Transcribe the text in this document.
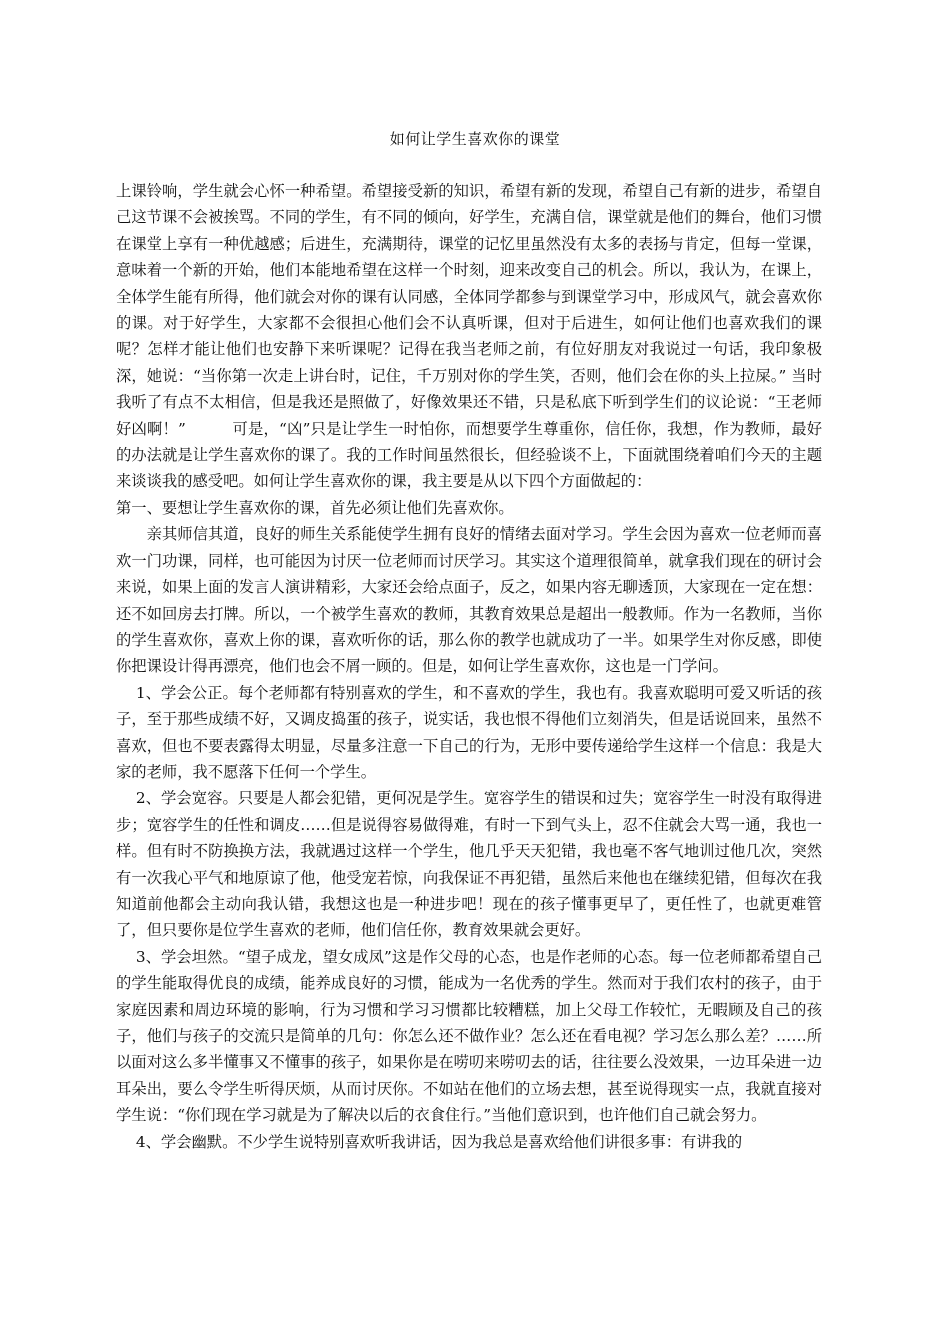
如何让学生喜欢你的课堂

上课铃响，学生就会心怀一种希望。希望接受新的知识，希望有新的发现，希望自己有新的进步，希望自己这节课不会被挨骂。不同的学生，有不同的倾向，好学生，充满自信，课堂就是他们的舞台，他们习惯在课堂上享有一种优越感；后进生，充满期待，课堂的记忆里虽然没有太多的表扬与肯定，但每一堂课，意味着一个新的开始，他们本能地希望在这样一个时刻，迎来改变自己的机会。所以，我认为，在课上，全体学生能有所得，他们就会对你的课有认同感，全体同学都参与到课堂学习中，形成风气，就会喜欢你的课。对于好学生，大家都不会很担心他们会不认真听课，但对于后进生，如何让他们也喜欢我们的课呢？怎样才能让他们也安静下来听课呢？记得在我当老师之前，有位好朋友对我说过一句话，我印象极深，她说：“当你第一次走上讲台时，记住，千万别对你的学生笑，否则，他们会在你的头上拉屎。” 当时我听了有点不太相信，但是我还是照做了，好像效果还不错，只是私底下听到学生们的议论说：“王老师好凶啊！”　　　可是，“凶”只是让学生一时怕你，而想要学生尊重你，信任你，我想，作为教师，最好的办法就是让学生喜欢你的课了。我的工作时间虽然很长，但经验谈不上，下面就围绕着咱们今天的主题来谈谈我的感受吧。如何让学生喜欢你的课，我主要是从以下四个方面做起的：

第一、要想让学生喜欢你的课，首先必须让他们先喜欢你。

亲其师信其道，良好的师生关系能使学生拥有良好的情绪去面对学习。学生会因为喜欢一位老师而喜欢一门功课，同样，也可能因为讨厌一位老师而讨厌学习。其实这个道理很简单，就拿我们现在的研讨会来说，如果上面的发言人演讲精彩，大家还会给点面子，反之，如果内容无聊透顶，大家现在一定在想：还不如回房去打牌。所以，一个被学生喜欢的教师，其教育效果总是超出一般教师。作为一名教师，当你的学生喜欢你，喜欢上你的课，喜欢听你的话，那么你的教学也就成功了一半。如果学生对你反感，即使你把课设计得再漂亮，他们也会不屑一顾的。但是，如何让学生喜欢你，这也是一门学问。

1、学会公正。每个老师都有特别喜欢的学生，和不喜欢的学生，我也有。我喜欢聪明可爱又听话的孩子，至于那些成绩不好，又调皮捣蛋的孩子，说实话，我也恨不得他们立刻消失，但是话说回来，虽然不喜欢，但也不要表露得太明显，尽量多注意一下自己的行为，无形中要传递给学生这样一个信息：我是大家的老师，我不愿落下任何一个学生。

2、学会宽容。只要是人都会犯错，更何况是学生。宽容学生的错误和过失；宽容学生一时没有取得进步；宽容学生的任性和调皮……但是说得容易做得难，有时一下到气头上，忍不住就会大骂一通，我也一样。但有时不防换换方法，我就遇过这样一个学生，他几乎天天犯错，我也毫不客气地训过他几次，突然有一次我心平气和地原谅了他，他受宠若惊，向我保证不再犯错，虽然后来他也在继续犯错，但每次在我知道前他都会主动向我认错，我想这也是一种进步吧！现在的孩子懂事更早了，更任性了，也就更难管了，但只要你是位学生喜欢的老师，他们信任你，教育效果就会更好。

3、学会坦然。“望子成龙，望女成凤”这是作父母的心态，也是作老师的心态。每一位老师都希望自己的学生能取得优良的成绩，能养成良好的习惯，能成为一名优秀的学生。然而对于我们农村的孩子，由于家庭因素和周边环境的影响，行为习惯和学习习惯都比较糟糕，加上父母工作较忙，无暇顾及自己的孩子，他们与孩子的交流只是简单的几句：你怎么还不做作业？怎么还在看电视？学习怎么那么差？……所以面对这么多半懂事又不懂事的孩子，如果你是在唠叨来唠叨去的话，往往要么没效果，一边耳朵进一边耳朵出，要么令学生听得厌烦，从而讨厌你。不如站在他们的立场去想，甚至说得现实一点，我就直接对学生说：“你们现在学习就是为了解决以后的衣食住行。”当他们意识到，也许他们自己就会努力。

4、学会幽默。不少学生说特别喜欢听我讲话，因为我总是喜欢给他们讲很多事：有讲我的
